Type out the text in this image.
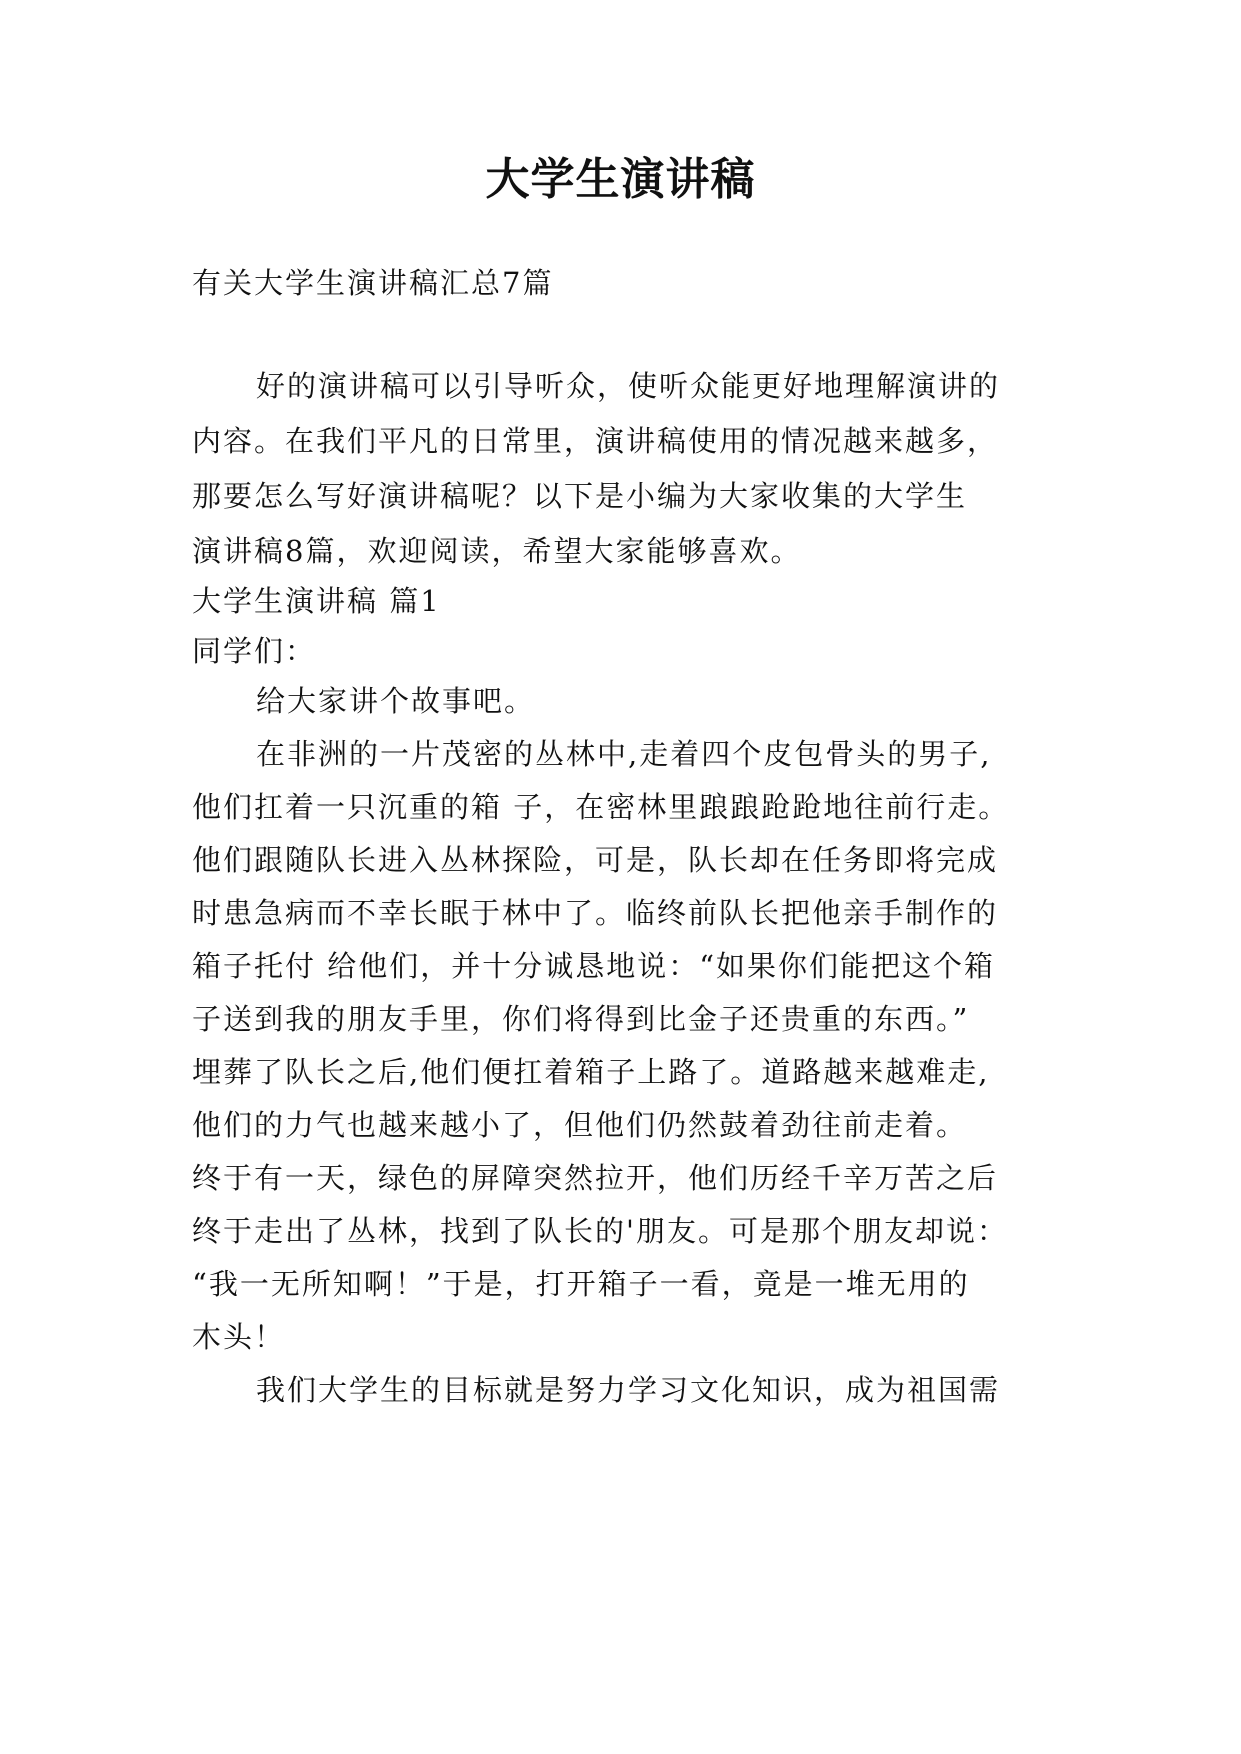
大学生演讲稿
有关大学生演讲稿汇总7篇
好的演讲稿可以引导听众，使听众能更好地理解演讲的
内容。在我们平凡的日常里，演讲稿使用的情况越来越多，
那要怎么写好演讲稿呢？以下是小编为大家收集的大学生
演讲稿8篇，欢迎阅读，希望大家能够喜欢。
大学生演讲稿 篇1
同学们：
给大家讲个故事吧。
在非洲的一片茂密的丛林中,走着四个皮包骨头的男子,
他们扛着一只沉重的箱 子，在密林里踉踉跄跄地往前行走。
他们跟随队长进入丛林探险，可是，队长却在任务即将完成
时患急病而不幸长眠于林中了。临终前队长把他亲手制作的
箱子托付 给他们，并十分诚恳地说：“如果你们能把这个箱
子送到我的朋友手里，你们将得到比金子还贵重的东西。”
埋葬了队长之后,他们便扛着箱子上路了。道路越来越难走,
他们的力气也越来越小了，但他们仍然鼓着劲往前走着。
终于有一天，绿色的屏障突然拉开，他们历经千辛万苦之后
终于走出了丛林，找到了队长的'朋友。可是那个朋友却说：
“我一无所知啊！”于是，打开箱子一看，竟是一堆无用的
木头！
我们大学生的目标就是努力学习文化知识，成为祖国需
